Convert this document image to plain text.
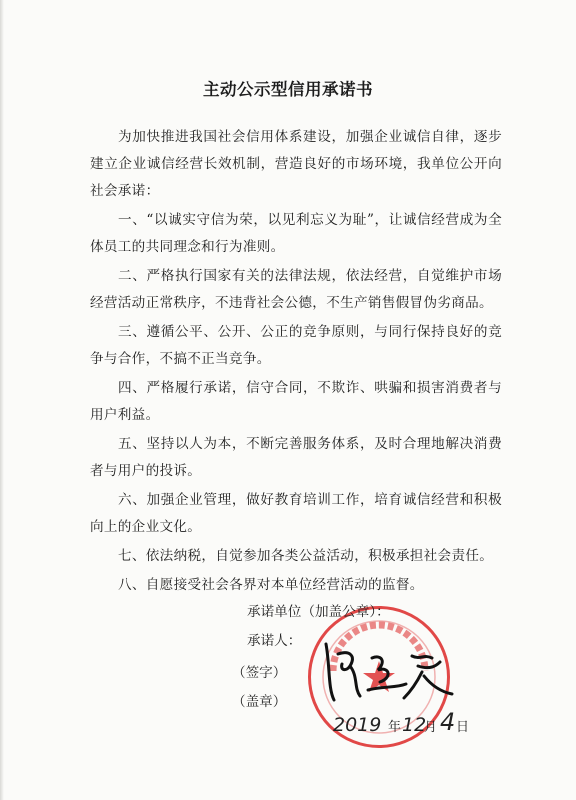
主动公示型信用承诺书

为加快推进我国社会信用体系建设，加强企业诚信自律，逐步建立企业诚信经营长效机制，营造良好的市场环境，我单位公开向社会承诺：

一、“以诚实守信为荣，以见利忘义为耻”，让诚信经营成为全体员工的共同理念和行为准则。

二、严格执行国家有关的法律法规，依法经营，自觉维护市场经营活动正常秩序，不违背社会公德，不生产销售假冒伪劣商品。

三、遵循公平、公开、公正的竞争原则，与同行保持良好的竞争与合作，不搞不正当竞争。

四、严格履行承诺，信守合同，不欺诈、哄骗和损害消费者与用户利益。

五、坚持以人为本，不断完善服务体系，及时合理地解决消费者与用户的投诉。

六、加强企业管理，做好教育培训工作，培育诚信经营和积极向上的企业文化。

七、依法纳税，自觉参加各类公益活动，积极承担社会责任。

八、自愿接受社会各界对本单位经营活动的监督。

承诺单位（加盖公章）：
承诺人：
（签字）
（盖章）
2019 年 12
月 4 日
